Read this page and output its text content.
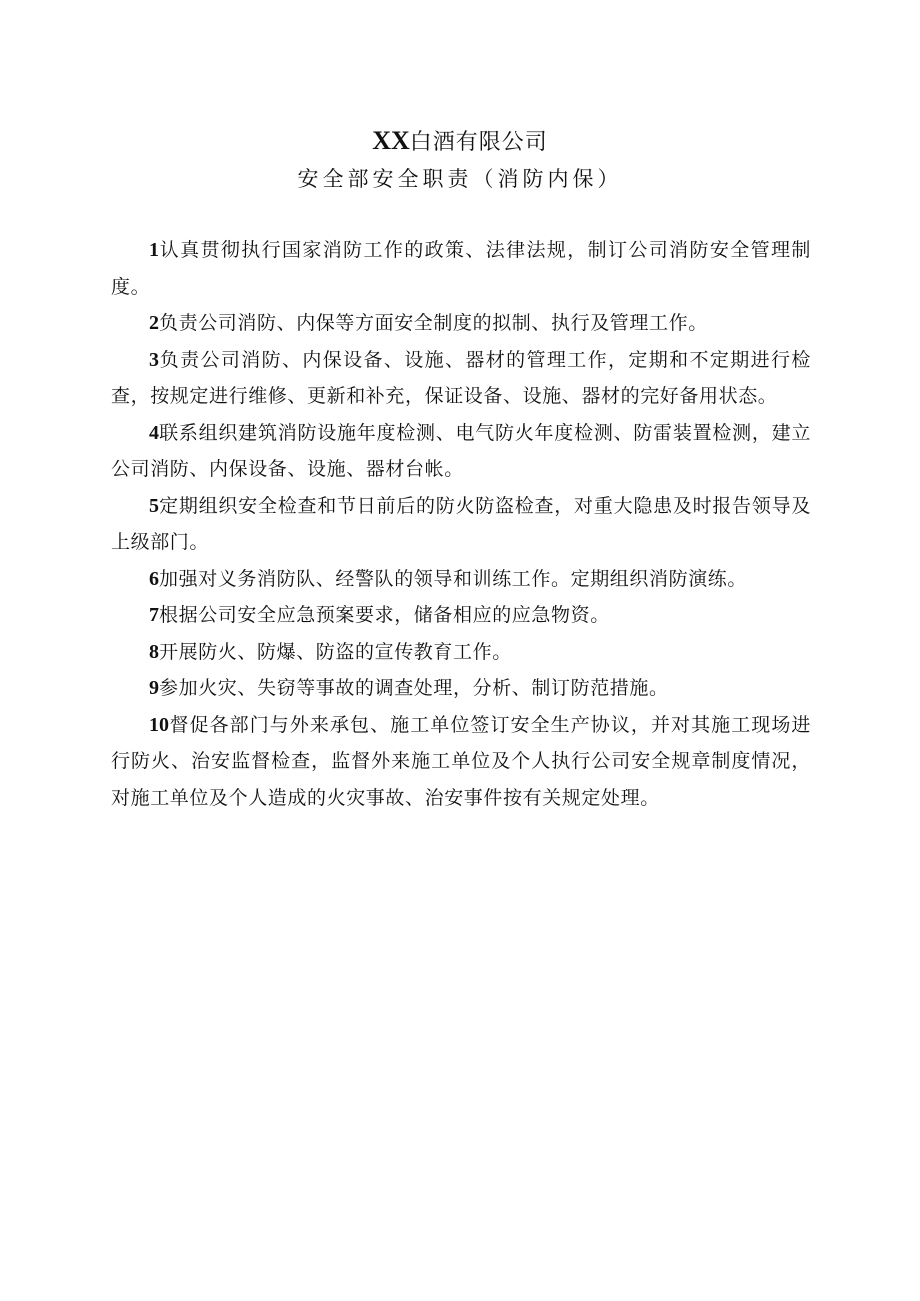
XX白酒有限公司
安全部安全职责（消防内保）

1认真贯彻执行国家消防工作的政策、法律法规，制订公司消防安全管理制度。

2负责公司消防、内保等方面安全制度的拟制、执行及管理工作。

3负责公司消防、内保设备、设施、器材的管理工作，定期和不定期进行检查，按规定进行维修、更新和补充，保证设备、设施、器材的完好备用状态。

4联系组织建筑消防设施年度检测、电气防火年度检测、防雷装置检测，建立公司消防、内保设备、设施、器材台帐。

5定期组织安全检查和节日前后的防火防盗检查，对重大隐患及时报告领导及上级部门。

6加强对义务消防队、经警队的领导和训练工作。定期组织消防演练。

7根据公司安全应急预案要求，储备相应的应急物资。

8开展防火、防爆、防盗的宣传教育工作。

9参加火灾、失窃等事故的调查处理，分析、制订防范措施。

10督促各部门与外来承包、施工单位签订安全生产协议，并对其施工现场进行防火、治安监督检查，监督外来施工单位及个人执行公司安全规章制度情况，对施工单位及个人造成的火灾事故、治安事件按有关规定处理。
